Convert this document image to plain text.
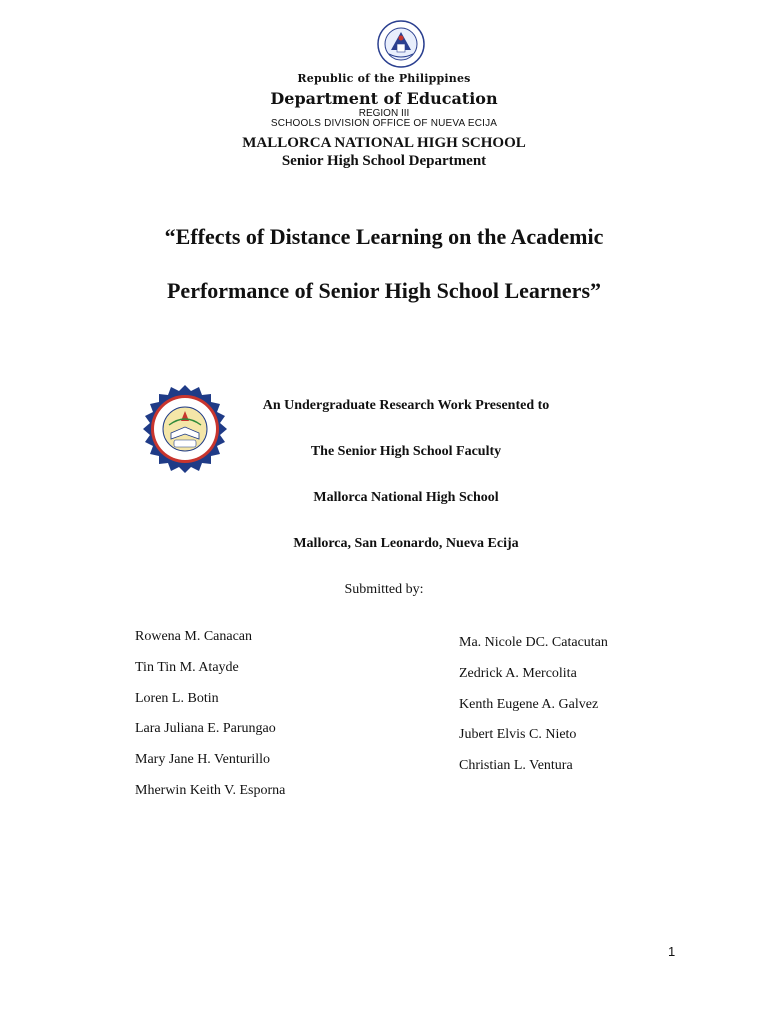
Republic of the Philippines
Department of Education
REGION III
SCHOOLS DIVISION OFFICE OF NUEVA ECIJA
MALLORCA NATIONAL HIGH SCHOOL
Senior High School Department
“Effects of Distance Learning on the Academic
Performance of Senior High School Learners”
An Undergraduate Research Work Presented to
The Senior High School Faculty
Mallorca National High School
Mallorca, San Leonardo, Nueva Ecija
Submitted by:
Rowena M. Canacan
Tin Tin M. Atayde
Loren L. Botin
Lara Juliana E. Parungao
Mary Jane H. Venturillo
Mherwin Keith V. Esporna
Ma. Nicole DC. Catacutan
Zedrick A. Mercolita
Kenth Eugene A. Galvez
Jubert Elvis C. Nieto
Christian L. Ventura
1
